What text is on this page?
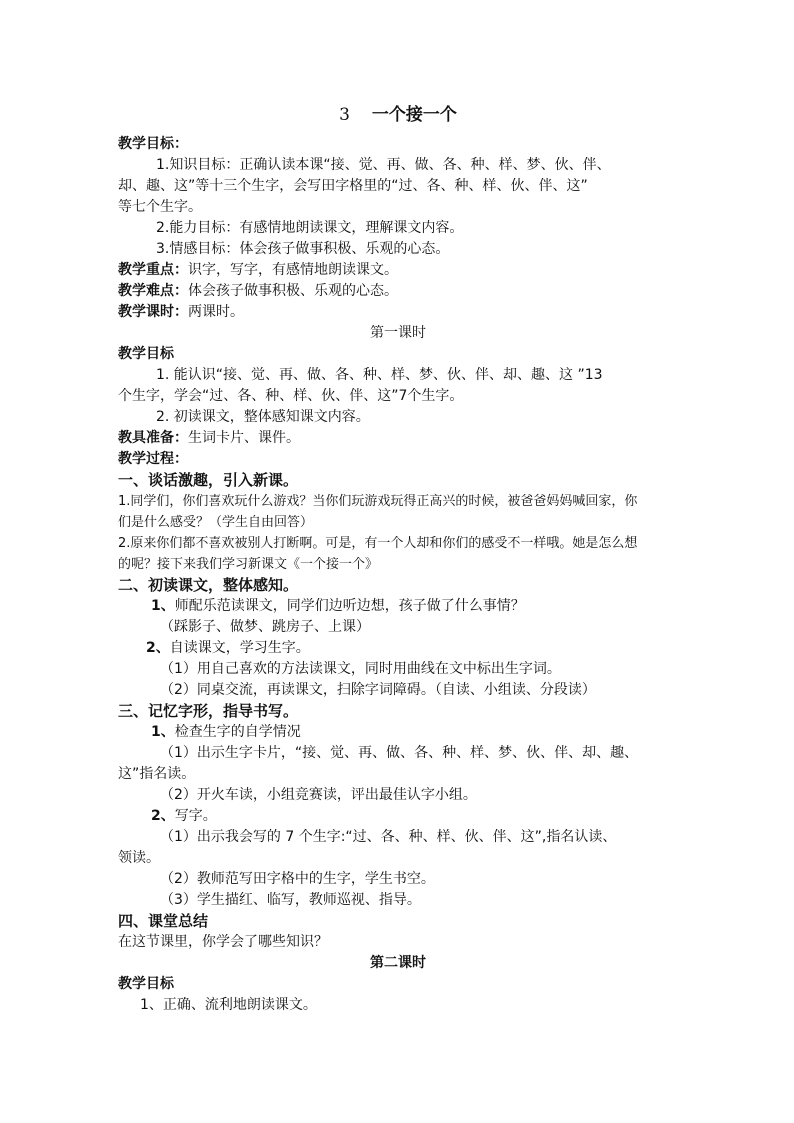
3 一个接一个
教学目标：
1.知识目标：正确认读本课“接、觉、再、做、各、种、样、梦、伙、伴、
却、趣、这”等十三个生字，会写田字格里的“过、各、种、样、伙、伴、这”
等七个生字。
2.能力目标：有感情地朗读课文，理解课文内容。
3.情感目标：体会孩子做事积极、乐观的心态。
教学重点：识字，写字，有感情地朗读课文。
教学难点：体会孩子做事积极、乐观的心态。
教学课时：两课时。
第一课时
教学目标
1. 能认识“接、觉、再、做、各、种、样、梦、伙、伴、却、趣、这 ”13
个生字，学会“过、各、种、样、伙、伴、这”7个生字。
2. 初读课文，整体感知课文内容。
教具准备：生词卡片、课件。
教学过程：
一、谈话激趣，引入新课。
1.同学们，你们喜欢玩什么游戏？当你们玩游戏玩得正高兴的时候，被爸爸妈妈喊回家，你
们是什么感受？（学生自由回答）
2.原来你们都不喜欢被别人打断啊。可是，有一个人却和你们的感受不一样哦。她是怎么想
的呢？接下来我们学习新课文《一个接一个》
二、初读课文，整体感知。
1、师配乐范读课文，同学们边听边想，孩子做了什么事情？
（踩影子、做梦、跳房子、上课）
2、自读课文，学习生字。
（1）用自己喜欢的方法读课文，同时用曲线在文中标出生字词。
（2）同桌交流，再读课文，扫除字词障碍。（自读、小组读、分段读）
三、记忆字形，指导书写。
1、检查生字的自学情况
（1）出示生字卡片，“接、觉、再、做、各、种、样、梦、伙、伴、却、趣、
这”指名读。
（2）开火车读，小组竞赛读，评出最佳认字小组。
2、写字。
（1）出示我会写的 7 个生字:“过、各、种、样、伙、伴、这”,指名认读、
领读。
（2）教师范写田字格中的生字，学生书空。
（3）学生描红、临写，教师巡视、指导。
四、课堂总结
在这节课里，你学会了哪些知识？
第二课时
教学目标
1、正确、流利地朗读课文。
